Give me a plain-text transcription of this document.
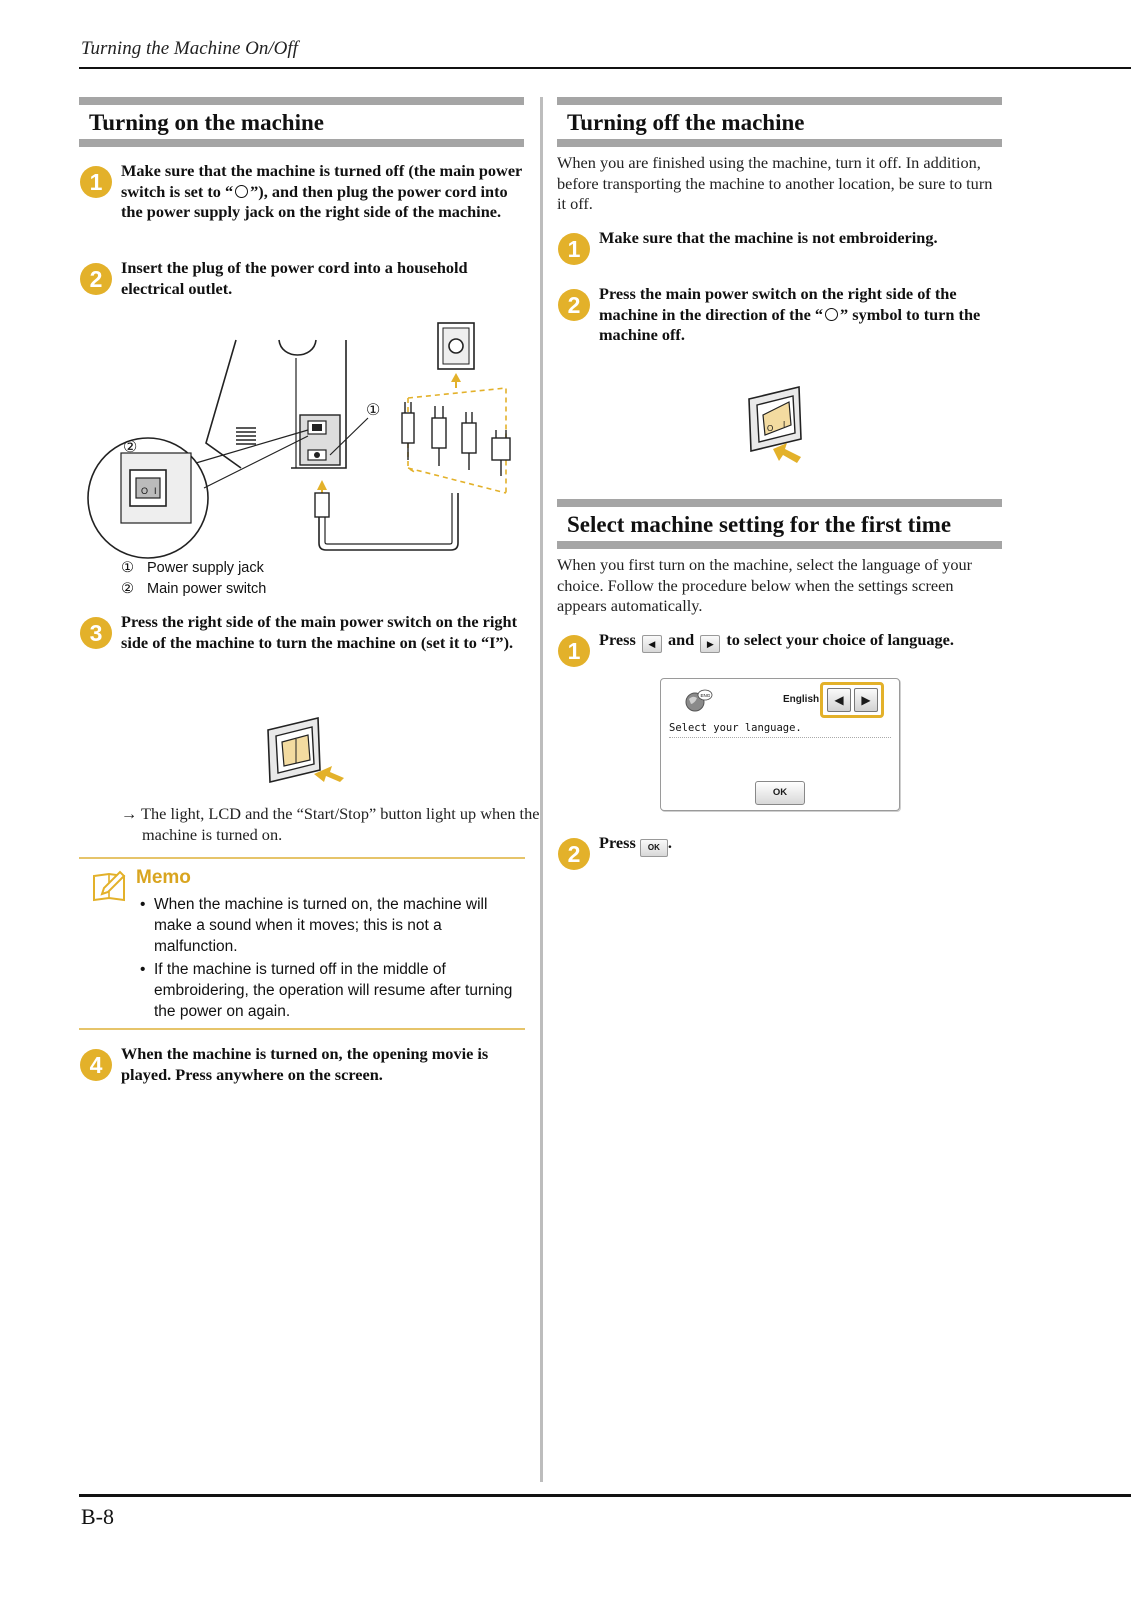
Turning the Machine On/Off
Turning on the machine
1	Make sure that the machine is turned off (the main power switch is set to “ ”), and then plug the power cord into the power supply jack on the right side of the machine.
2	Insert the plug of the power cord into a household electrical outlet.
O I
②
①
① Power supply jack
② Main power switch
3	Press the right side of the main power switch on the right side of the machine to turn the machine on (set it to “I”).
→ The light, LCD and the “Start/Stop” button light up when the machine is turned on.
Memo
• When the machine is turned on, the machine will make a sound when it moves; this is not a malfunction.
• If the machine is turned off in the middle of embroidering, the operation will resume after turning the power on again.
4	When the machine is turned on, the opening movie is played. Press anywhere on the screen.
Turning off the machine
When you are finished using the machine, turn it off. In addition, before transporting the machine to another location, be sure to turn it off.
1	Make sure that the machine is not embroidering.
2	Press the main power switch on the right side of the machine in the direction of the “ ” symbol to turn the machine off.
O I
Select machine setting for the first time
When you first turn on the machine, select the language of your choice. Follow the procedure below when the settings screen appears automatically.
1	Press ◀ and ▶ to select your choice of language.
ENG	English	◀	▶
Select your language.
OK
2	Press OK .
B-8
